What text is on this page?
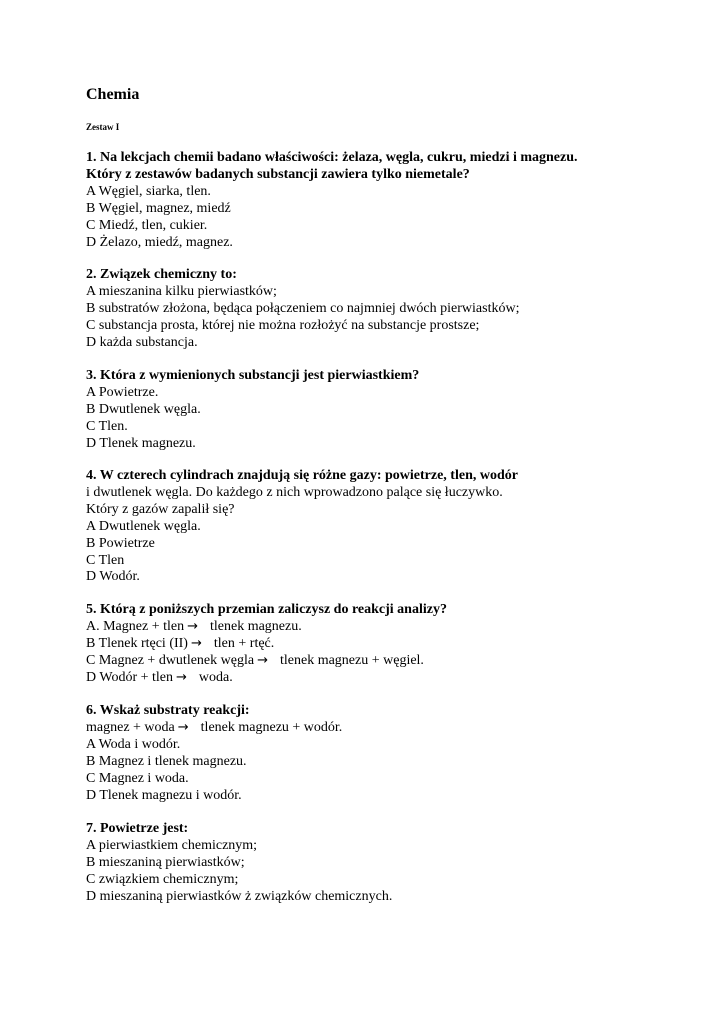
Chemia
Zestaw I
1. Na lekcjach chemii badano właściwości: żelaza, węgla, cukru, miedzi i magnezu.
Który z zestawów badanych substancji zawiera tylko niemetale?
A Węgiel, siarka, tlen.
B Węgiel, magnez, miedź
C Miedź, tlen, cukier.
D Żelazo, miedź, magnez.
2. Związek chemiczny to:
A mieszanina kilku pierwiastków;
B substratów złożona, będąca połączeniem co najmniej dwóch pierwiastków;
C substancja prosta, której nie można rozłożyć na substancje prostsze;
D każda substancja.
3. Która z wymienionych substancji jest pierwiastkiem?
A Powietrze.
B Dwutlenek węgla.
C Tlen.
D Tlenek magnezu.
4. W czterech cylindrach znajdują się różne gazy: powietrze, tlen, wodór
i dwutlenek węgla. Do każdego z nich wprowadzono palące się łuczywko.
Który z gazów zapalił się?
A Dwutlenek węgla.
B Powietrze
C Tlen
D Wodór.
5. Którą z poniższych przemian zaliczysz do reakcji analizy?
A. Magnez + tlen → tlenek magnezu.
B Tlenek rtęci (II) → tlen + rtęć.
C Magnez + dwutlenek węgla → tlenek magnezu + węgiel.
D Wodór + tlen → woda.
6. Wskaż substraty reakcji:
magnez + woda → tlenek magnezu + wodór.
A Woda i wodór.
B Magnez i tlenek magnezu.
C Magnez i woda.
D Tlenek magnezu i wodór.
7. Powietrze jest:
A pierwiastkiem chemicznym;
B mieszaniną pierwiastków;
C związkiem chemicznym;
D mieszaniną pierwiastków ż związków chemicznych.
